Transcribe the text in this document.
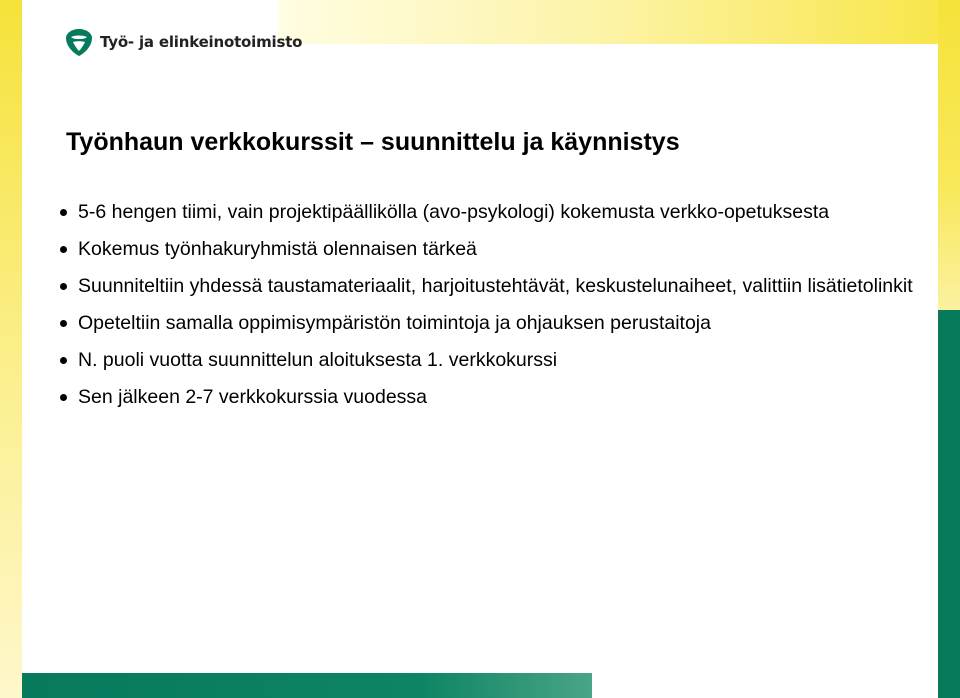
Työ- ja elinkeinotoimisto
Työnhaun verkkokurssit – suunnittelu ja käynnistys
5-6 hengen tiimi, vain projektipäällikölla (avo-psykologi) kokemusta verkko-opetuksesta
Kokemus työnhakuryhmistä olennaisen tärkeä
Suunniteltiin yhdessä taustamateriaalit, harjoitustehtävät, keskustelunaiheet, valittiin lisätietolinkit
Opeteltiin samalla oppimisympäristön toimintoja ja ohjauksen perustaitoja
N. puoli vuotta suunnittelun aloituksesta 1. verkkokurssi
Sen jälkeen 2-7 verkkokurssia vuodessa
